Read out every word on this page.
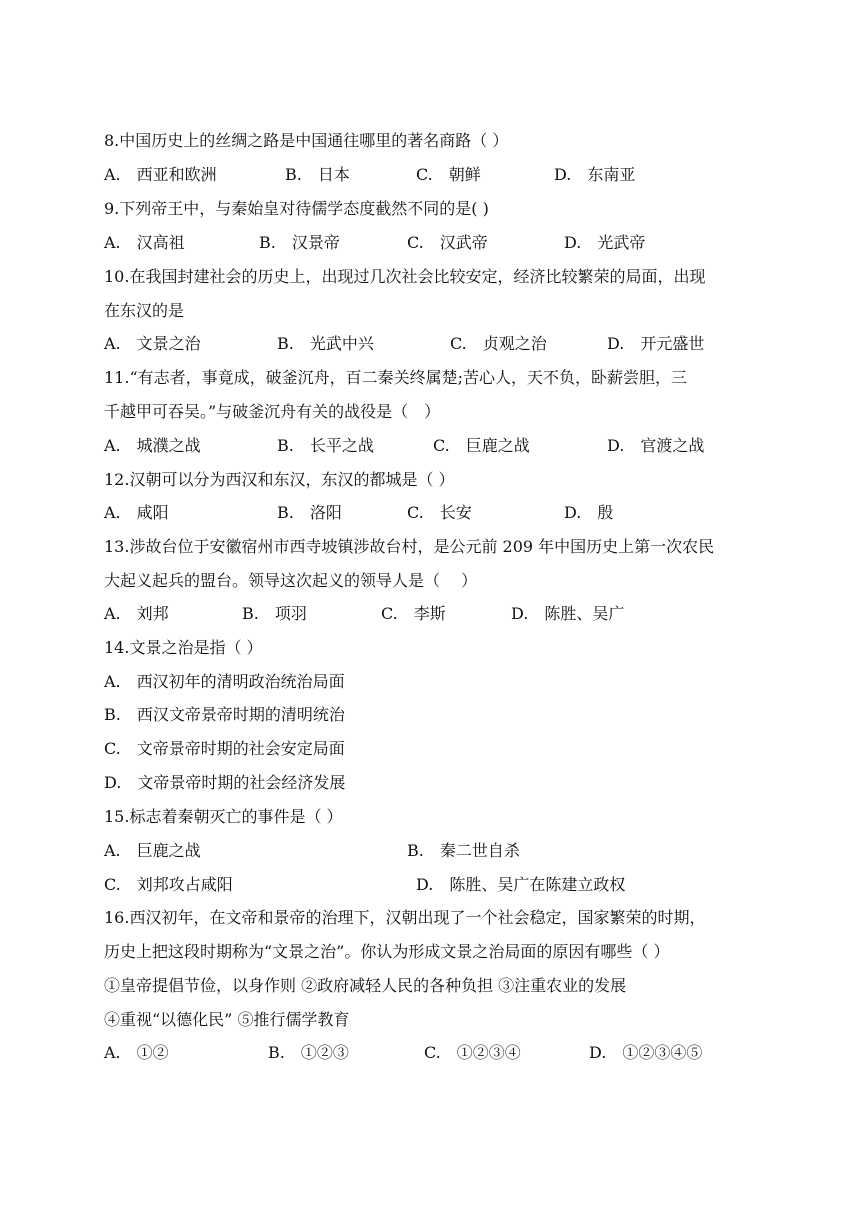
8.中国历史上的丝绸之路是中国通往哪里的著名商路（ ）
A.　西亚和欧洲	B.　日本	C.　朝鲜	D.　东南亚
9.下列帝王中，与秦始皇对待儒学态度截然不同的是( )
A.　汉高祖	B.　汉景帝	C.　汉武帝	D.　光武帝
10.在我国封建社会的历史上，出现过几次社会比较安定，经济比较繁荣的局面，出现
在东汉的是
A.　文景之治	B.　光武中兴	C.　贞观之治	D.　开元盛世
11.“有志者，事竟成，破釜沉舟，百二秦关终属楚;苦心人，天不负，卧薪尝胆，三
千越甲可吞吴。”与破釜沉舟有关的战役是（　）
A.　城濮之战	B.　长平之战	C.　巨鹿之战	D.　官渡之战
12.汉朝可以分为西汉和东汉，东汉的都城是（ ）
A.　咸阳	B.　洛阳	C.　长安	D.　殷
13.涉故台位于安徽宿州市西寺坡镇涉故台村，是公元前 209 年中国历史上第一次农民
大起义起兵的盟台。领导这次起义的领导人是（　 ）
A.　刘邦	B.　项羽	C.　李斯	D.　陈胜、吴广
14.文景之治是指（ ）
A.　西汉初年的清明政治统治局面
B.　西汉文帝景帝时期的清明统治
C.　文帝景帝时期的社会安定局面
D.　文帝景帝时期的社会经济发展
15.标志着秦朝灭亡的事件是（ ）
A.　巨鹿之战	B.　秦二世自杀
C.　刘邦攻占咸阳	D.　陈胜、吴广在陈建立政权
16.西汉初年，在文帝和景帝的治理下，汉朝出现了一个社会稳定，国家繁荣的时期，
历史上把这段时期称为“文景之治”。你认为形成文景之治局面的原因有哪些（ ）
①皇帝提倡节俭，以身作则 ②政府减轻人民的各种负担 ③注重农业的发展
④重视“以德化民” ⑤推行儒学教育
A.　①②	B.　①②③	C.　①②③④	D.　①②③④⑤
